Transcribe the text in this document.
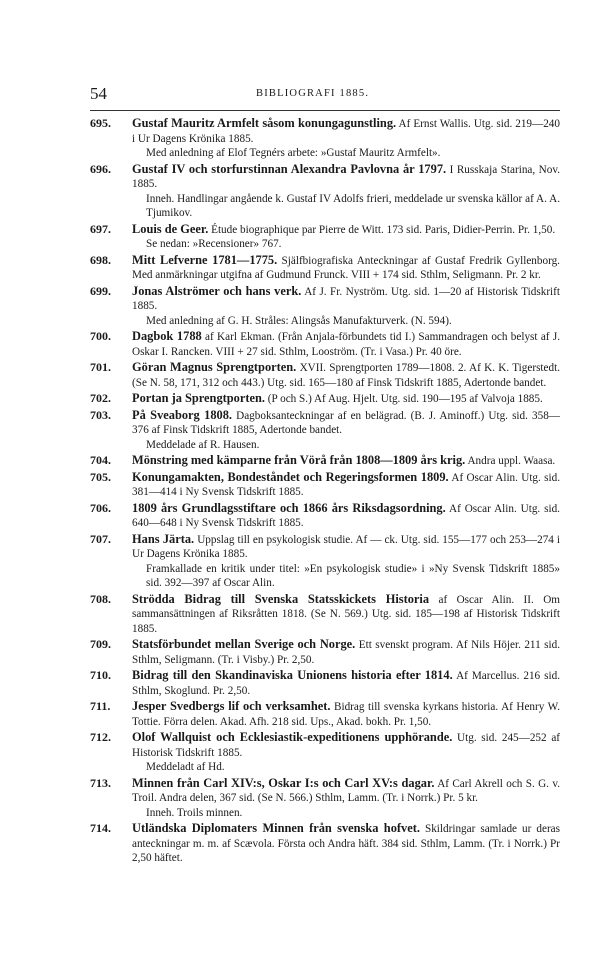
54	BIBLIOGRAFI 1885.
695. Gustaf Mauritz Armfelt såsom konungagunstling. Af Ernst Wallis. Utg. sid. 219—240 i Ur Dagens Krönika 1885.
Med anledning af Elof Tegnérs arbete: »Gustaf Mauritz Armfelt».
696. Gustaf IV och storfurstinnan Alexandra Pavlovna år 1797. I Russkaja Starina, Nov. 1885.
Inneh. Handlingar angående k. Gustaf IV Adolfs frieri, meddelade ur svenska källor af A. A. Tjumikov.
697. Louis de Geer. Étude biographique par Pierre de Witt. 173 sid. Paris, Didier-Perrin. Pr. 1,50.
Se nedan: »Recensioner» 767.
698. Mitt Lefverne 1781—1775. Själfbiografiska Anteckningar af Gustaf Fredrik Gyllenborg. Med anmärkningar utgifna af Gudmund Frunck. VIII + 174 sid. Sthlm, Seligmann. Pr. 2 kr.
699. Jonas Alströmer och hans verk. Af J. Fr. Nyström. Utg. sid. 1—20 af Historisk Tidskrift 1885.
Med anledning af G. H. Stråles: Alingsås Manufakturverk. (N. 594).
700. Dagbok 1788 af Karl Ekman. (Från Anjala-förbundets tid I.) Sammandragen och belyst af J. Oskar I. Rancken. VIII + 27 sid. Sthlm, Looström. (Tr. i Vasa.) Pr. 40 öre.
701. Göran Magnus Sprengtporten. XVII. Sprengtporten 1789—1808. 2. Af K. K. Tigerstedt. (Se N. 58, 171, 312 och 443.) Utg. sid. 165—180 af Finsk Tidskrift 1885, Adertonde bandet.
702. Portan ja Sprengtporten. (P och S.) Af Aug. Hjelt. Utg. sid. 190—195 af Valvoja 1885.
703. På Sveaborg 1808. Dagboksanteckningar af en belägrad. (B. J. Aminoff.) Utg. sid. 358—376 af Finsk Tidskrift 1885, Adertonde bandet.
Meddelade af R. Hausen.
704. Mönstring med kämparne från Vörå från 1808—1809 års krig. Andra uppl. Waasa.
705. Konungamakten, Bondeståndet och Regeringsformen 1809. Af Oscar Alin. Utg. sid. 381—414 i Ny Svensk Tidskrift 1885.
706. 1809 års Grundlagsstiftare och 1866 års Riksdagsordning. Af Oscar Alin. Utg. sid. 640—648 i Ny Svensk Tidskrift 1885.
707. Hans Järta. Uppslag till en psykologisk studie. Af — ck. Utg. sid. 155—177 och 253—274 i Ur Dagens Krönika 1885.
Framkallade en kritik under titel: »En psykologisk studie» i »Ny Svensk Tidskrift 1885» sid. 392—397 af Oscar Alin.
708. Strödda Bidrag till Svenska Statsskickets Historia af Oscar Alin. II. Om sammansättningen af Riksråtten 1818. (Se N. 569.) Utg. sid. 185—198 af Historisk Tidskrift 1885.
709. Statsförbundet mellan Sverige och Norge. Ett svenskt program. Af Nils Höjer. 211 sid. Sthlm, Seligmann. (Tr. i Visby.) Pr. 2,50.
710. Bidrag till den Skandinaviska Unionens historia efter 1814. Af Marcellus. 216 sid. Sthlm, Skoglund. Pr. 2,50.
711. Jesper Svedbergs lif och verksamhet. Bidrag till svenska kyrkans historia. Af Henry W. Tottie. Förra delen. Akad. Afh. 218 sid. Ups., Akad. bokh. Pr. 1,50.
712. Olof Wallquist och Ecklesiastik-expeditionens upphörande. Utg. sid. 245—252 af Historisk Tidskrift 1885.
Meddeladt af Hd.
713. Minnen från Carl XIV:s, Oskar I:s och Carl XV:s dagar. Af Carl Akrell och S. G. v. Troil. Andra delen, 367 sid. (Se N. 566.) Sthlm, Lamm. (Tr. i Norrk.) Pr. 5 kr.
Inneh. Troils minnen.
714. Utländska Diplomaters Minnen från svenska hofvet. Skildringar samlade ur deras anteckningar m. m. af Scævola. Första och Andra häft. 384 sid. Sthlm, Lamm. (Tr. i Norrk.) Pr 2,50 häftet.
